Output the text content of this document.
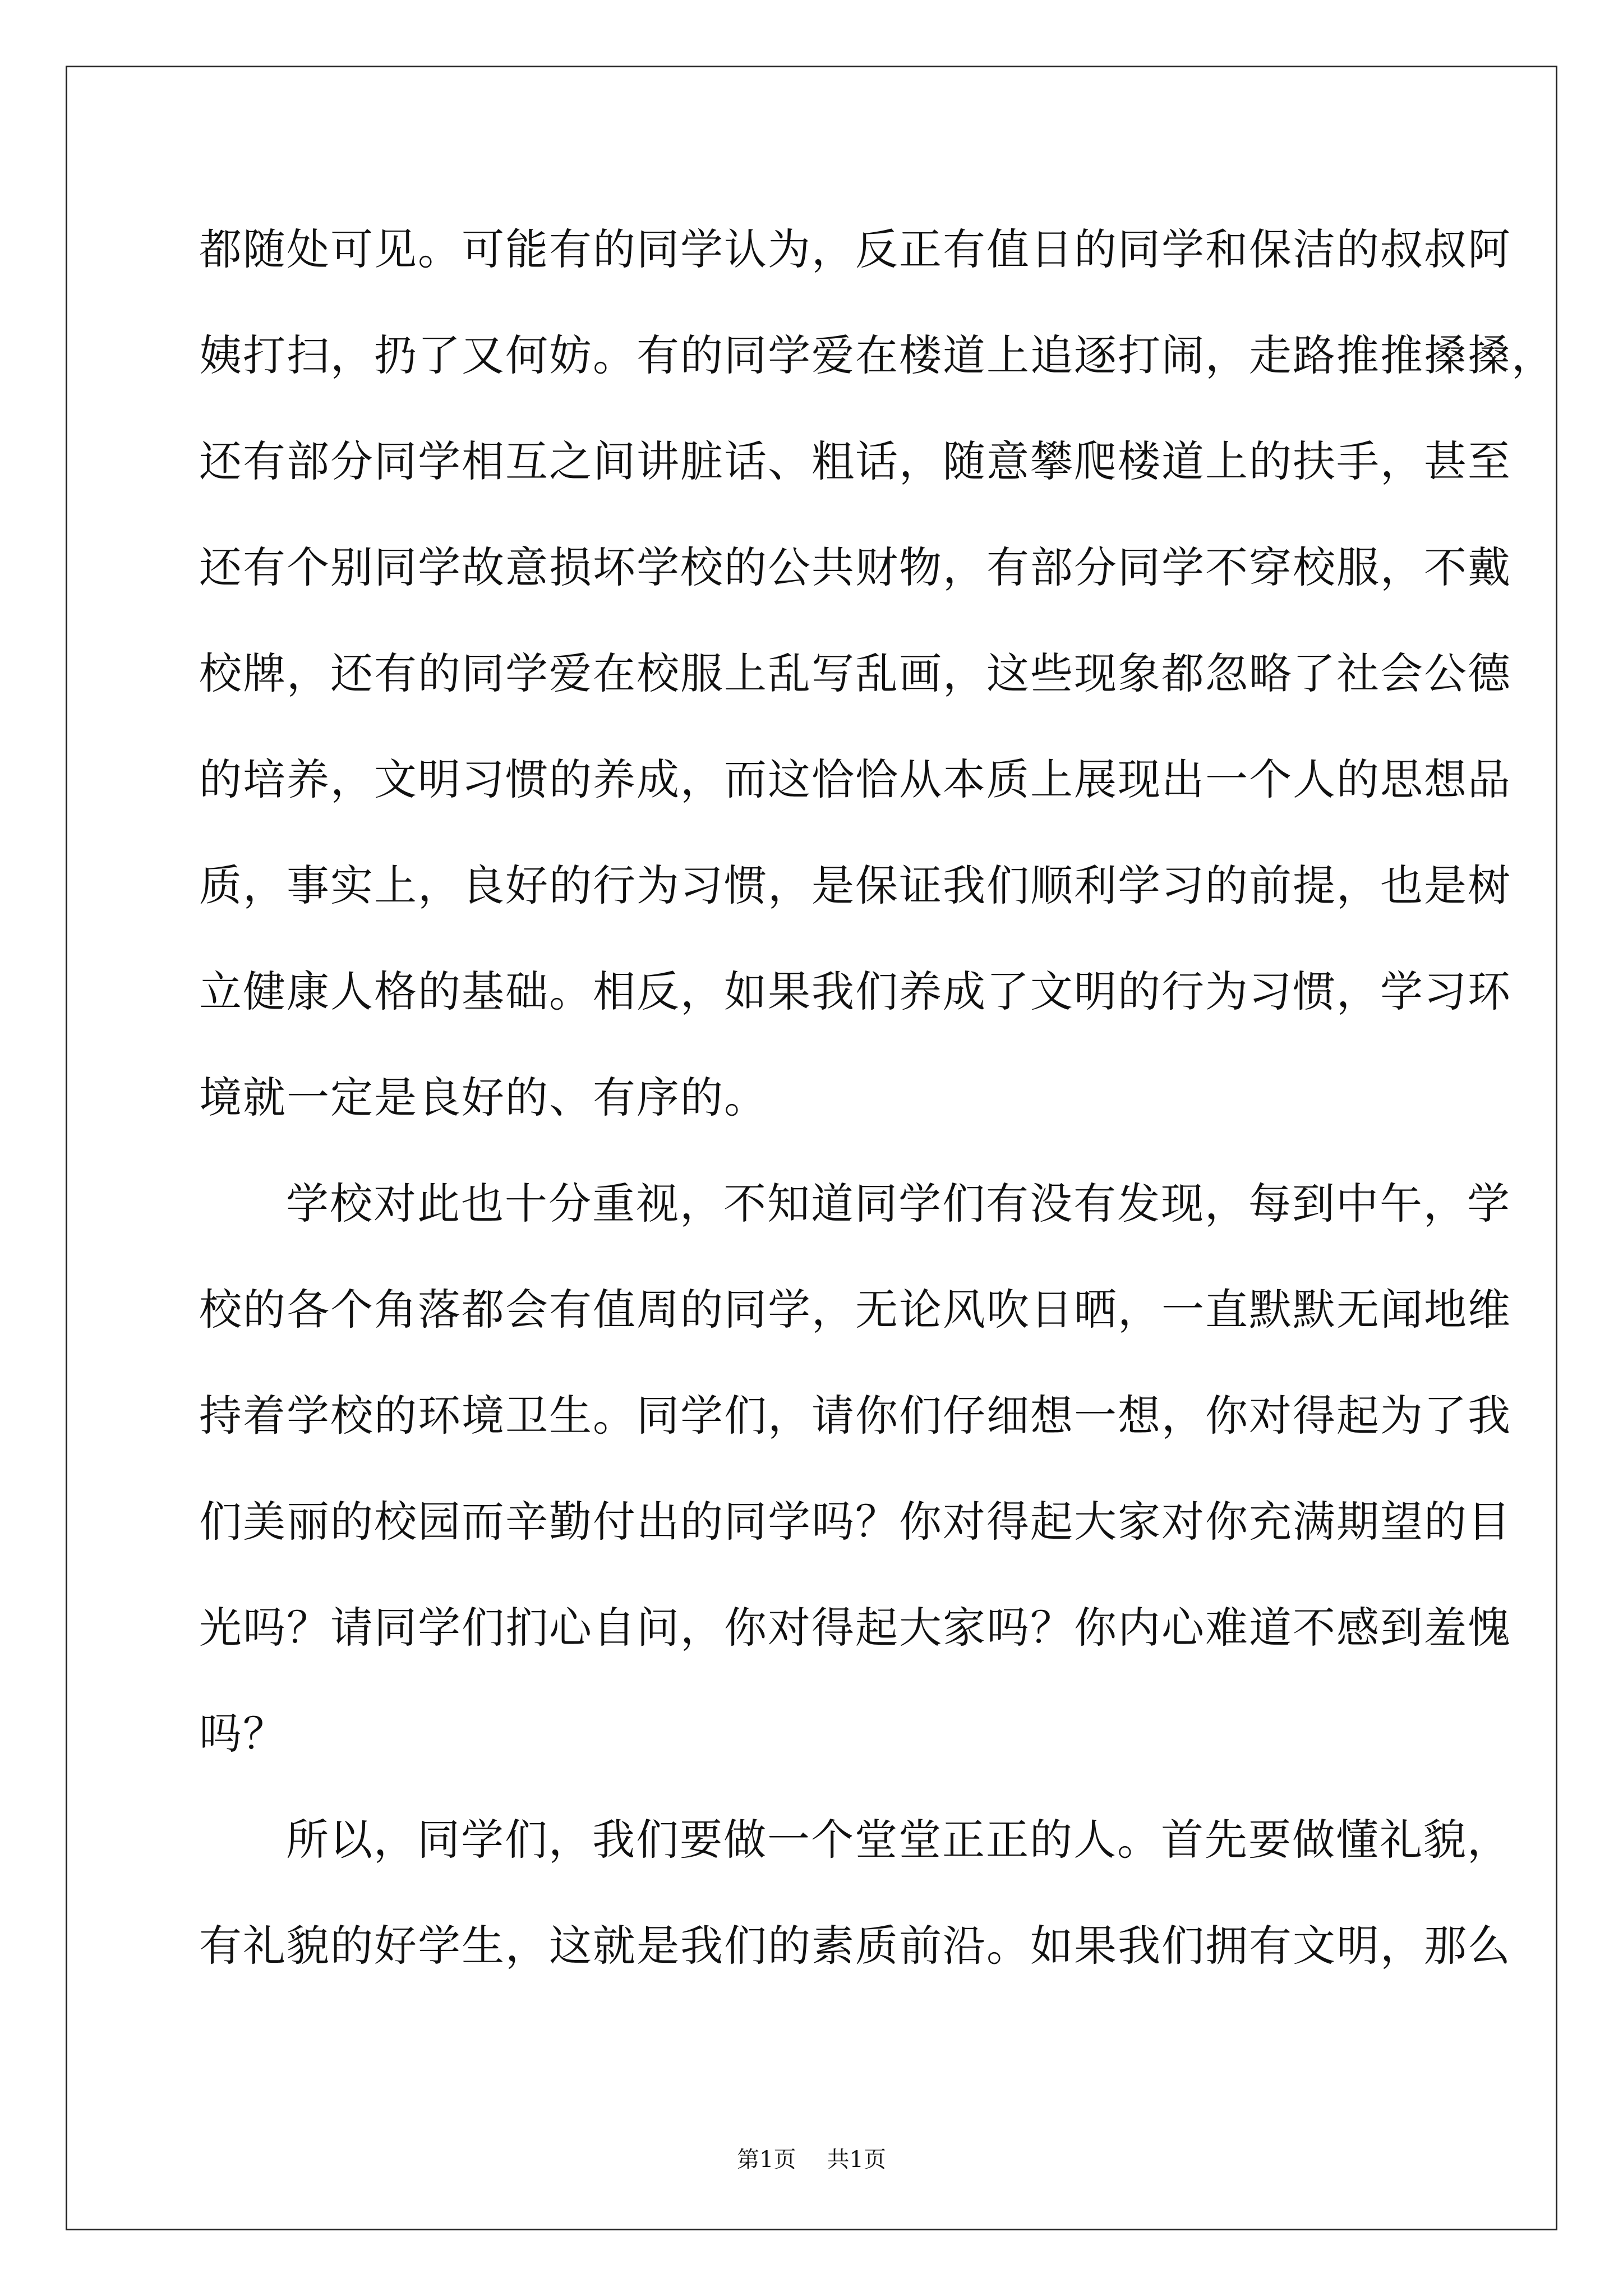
都随处可见。可能有的同学认为，反正有值日的同学和保洁的叔叔阿
姨打扫，扔了又何妨。有的同学爱在楼道上追逐打闹，走路推推搡搡，
还有部分同学相互之间讲脏话、粗话，随意攀爬楼道上的扶手，甚至
还有个别同学故意损坏学校的公共财物，有部分同学不穿校服，不戴
校牌，还有的同学爱在校服上乱写乱画，这些现象都忽略了社会公德
的培养，文明习惯的养成，而这恰恰从本质上展现出一个人的思想品
质，事实上，良好的行为习惯，是保证我们顺利学习的前提，也是树
立健康人格的基础。相反，如果我们养成了文明的行为习惯，学习环
境就一定是良好的、有序的。
学校对此也十分重视，不知道同学们有没有发现，每到中午，学
校的各个角落都会有值周的同学，无论风吹日晒，一直默默无闻地维
持着学校的环境卫生。同学们，请你们仔细想一想，你对得起为了我
们美丽的校园而辛勤付出的同学吗？你对得起大家对你充满期望的目
光吗？请同学们扪心自问，你对得起大家吗？你内心难道不感到羞愧
吗？
所以，同学们，我们要做一个堂堂正正的人。首先要做懂礼貌，
有礼貌的好学生，这就是我们的素质前沿。如果我们拥有文明，那么
第1页 共1页
